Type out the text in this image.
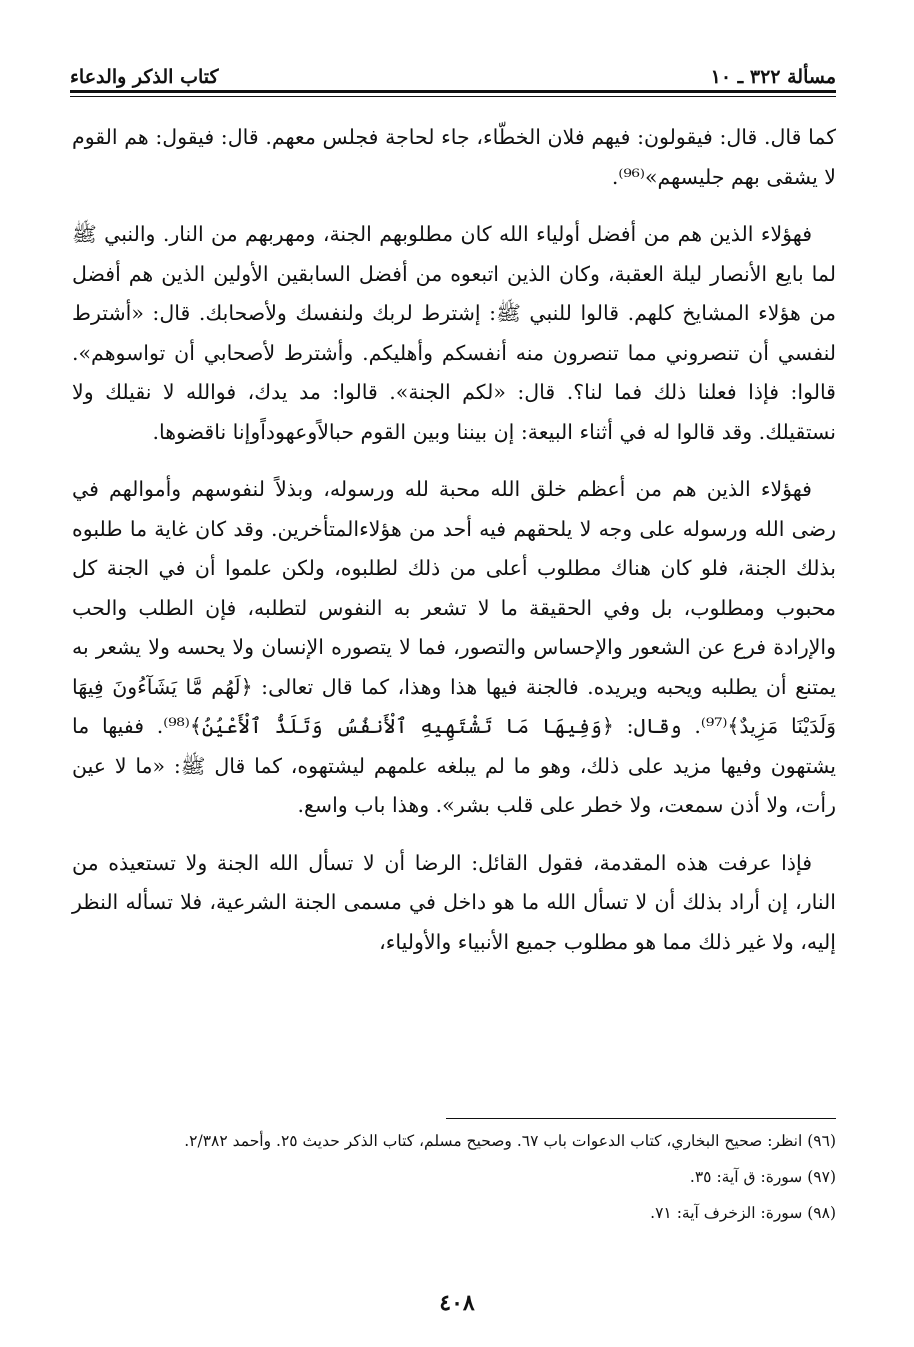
مسألة ٣٢٢ ـ ١٠
كتاب الذكر والدعاء

كما قال. قال: فيقولون: فيهم فلان الخطّاء، جاء لحاجة فجلس معهم. قال: فيقول: هم القوم لا يشقى بهم جليسهم»⁽⁹⁶⁾.

فهؤلاء الذين هم من أفضل أولياء الله كان مطلوبهم الجنة، ومهربهم من النار. والنبي ﷺ لما بايع الأنصار ليلة العقبة، وكان الذين اتبعوه من أفضل السابقين الأولين الذين هم أفضل من هؤلاء المشايخ كلهم. قالوا للنبي ﷺ: إشترط لربك ولنفسك ولأصحابك. قال: «أشترط لنفسي أن تنصروني مما تنصرون منه أنفسكم وأهليكم. وأشترط لأصحابي أن تواسوهم». قالوا: فإذا فعلنا ذلك فما لنا؟. قال: «لكم الجنة». قالوا: مد يدك، فوالله لا نقيلك ولا نستقيلك. وقد قالوا له في أثناء البيعة: إن بيننا وبين القوم حبالاًوعهوداًوإنا ناقضوها.

فهؤلاء الذين هم من أعظم خلق الله محبة لله ورسوله، وبذلاً لنفوسهم وأموالهم في رضى الله ورسوله على وجه لا يلحقهم فيه أحد من هؤلاءالمتأخرين. وقد كان غاية ما طلبوه بذلك الجنة، فلو كان هناك مطلوب أعلى من ذلك لطلبوه، ولكن علموا أن في الجنة كل محبوب ومطلوب، بل وفي الحقيقة ما لا تشعر به النفوس لتطلبه، فإن الطلب والحب والإرادة فرع عن الشعور والإحساس والتصور، فما لا يتصوره الإنسان ولا يحسه ولا يشعر به يمتنع أن يطلبه ويحبه ويريده. فالجنة فيها هذا وهذا، كما قال تعالى: ﴿لَهُم مَّا يَشَآءُونَ فِيهَا وَلَدَيْنَا مَزِيدٌ﴾⁽⁹⁷⁾. وقال: ﴿وَفِيهَا مَا تَشْتَهِيهِ ٱلْأَنفُسُ وَتَلَذُّ ٱلْأَعْيُنُ﴾⁽⁹⁸⁾. ففيها ما يشتهون وفيها مزيد على ذلك، وهو ما لم يبلغه علمهم ليشتهوه، كما قال ﷺ: «ما لا عين رأت، ولا أذن سمعت، ولا خطر على قلب بشر». وهذا باب واسع.

فإذا عرفت هذه المقدمة، فقول القائل: الرضا أن لا تسأل الله الجنة ولا تستعيذه من النار، إن أراد بذلك أن لا تسأل الله ما هو داخل في مسمى الجنة الشرعية، فلا تسأله النظر إليه، ولا غير ذلك مما هو مطلوب جميع الأنبياء والأولياء،

(٩٦) انظر: صحيح البخاري، كتاب الدعوات باب ٦٧. وصحيح مسلم، كتاب الذكر حديث ٢٥. وأحمد ٢/٣٨٢.

(٩٧) سورة: ق آية: ٣٥.

(٩٨) سورة: الزخرف آية: ٧١.

٤٠٨
